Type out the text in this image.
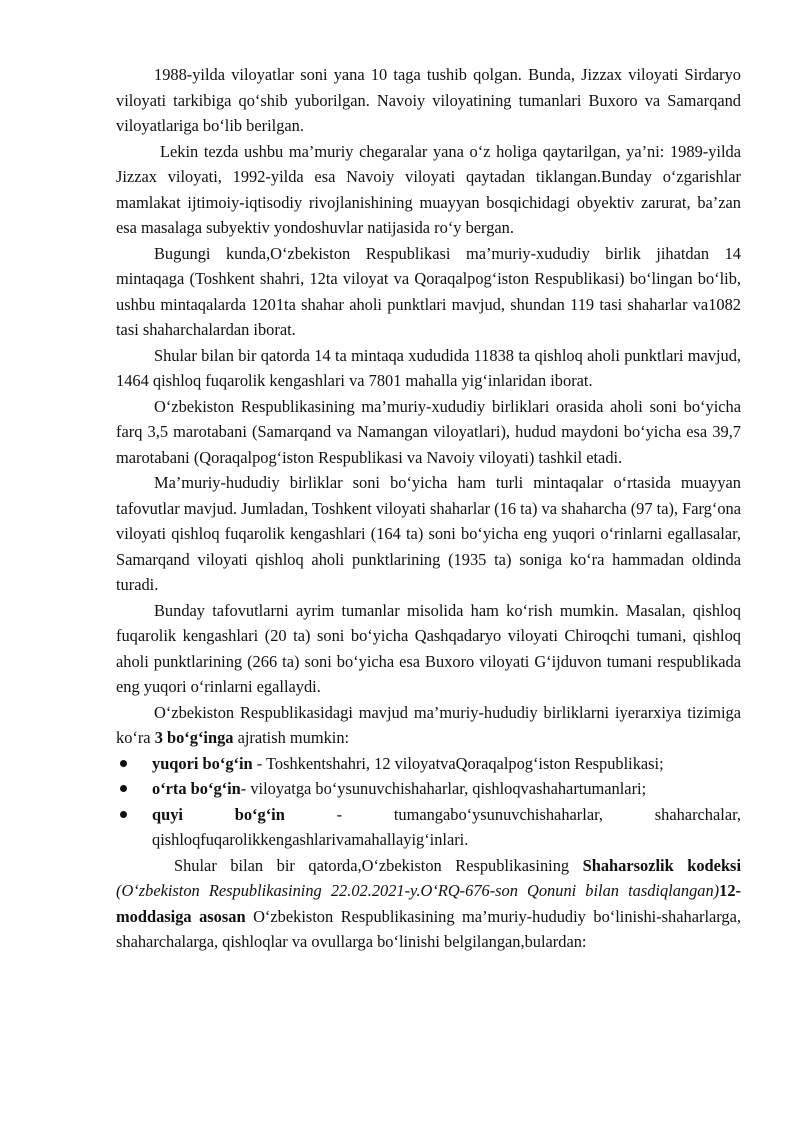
1988-yilda viloyatlar soni yana 10 taga tushib qolgan. Bunda, Jizzax viloyati Sirdaryo viloyati tarkibiga qo‘shib yuborilgan. Navoiy viloyatining tumanlari Buxoro va Samarqand viloyatlariga bo‘lib berilgan.

Lekin tezda ushbu ma’muriy chegaralar yana o‘z holiga qaytarilgan, ya’ni: 1989-yilda Jizzax viloyati, 1992-yilda esa Navoiy viloyati qaytadan tiklangan.Bunday o‘zgarishlar mamlakat ijtimoiy-iqtisodiy rivojlanishining muayyan bosqichidagi obyektiv zarurat, ba’zan esa masalaga subyektiv yondoshuvlar natijasida ro‘y bergan.

Bugungi kunda,O‘zbekiston Respublikasi ma’muriy-xududiy birlik jihatdan 14 mintaqaga (Toshkent shahri, 12ta viloyat va Qoraqalpog‘iston Respublikasi) bo‘lingan bo‘lib, ushbu mintaqalarda 1201ta shahar aholi punktlari mavjud, shundan 119 tasi shaharlar va1082 tasi shaharchalardan iborat.

Shular bilan bir qatorda 14 ta mintaqa xududida 11838 ta qishloq aholi punktlari mavjud, 1464 qishloq fuqarolik kengashlari va 7801 mahalla yig‘inlaridan iborat.

O‘zbekiston Respublikasining ma’muriy-xududiy birliklari orasida aholi soni bo‘yicha farq 3,5 marotabani (Samarqand va Namangan viloyatlari), hudud maydoni bo‘yicha esa 39,7 marotabani (Qoraqalpog‘iston Respublikasi va Navoiy viloyati) tashkil etadi.

Ma’muriy-hududiy birliklar soni bo‘yicha ham turli mintaqalar o‘rtasida muayyan tafovutlar mavjud. Jumladan, Toshkent viloyati shaharlar (16 ta) va shaharcha (97 ta), Farg‘ona viloyati qishloq fuqarolik kengashlari (164 ta) soni bo‘yicha eng yuqori o‘rinlarni egallasalar, Samarqand viloyati qishloq aholi punktlarining (1935 ta) soniga ko‘ra hammadan oldinda turadi.

Bunday tafovutlarni ayrim tumanlar misolida ham ko‘rish mumkin. Masalan, qishloq fuqarolik kengashlari (20 ta) soni bo‘yicha Qashqadaryo viloyati Chiroqchi tumani, qishloq aholi punktlarining (266 ta) soni bo‘yicha esa Buxoro viloyati G‘ijduvon tumani respublikada eng yuqori o‘rinlarni egallaydi.

O‘zbekiston Respublikasidagi mavjud ma’muriy-hududiy birliklarni iyerarxiya tizimiga ko‘ra 3 bo‘g‘inga ajratish mumkin:

yuqori bo‘g‘in - Toshkentshahri, 12 viloyatvaQoraqalpog‘iston Respublikasi;
o‘rta bo‘g‘in- viloyatga bo‘ysunuvchishaharlar, qishloqvashahartumanlari;
quyi bo‘g‘in - tumangabo‘ysunuvchishaharlar, shaharchalar, qishloqfuqarolikkengashlarivamahallayig‘inlari.

Shular bilan bir qatorda,O‘zbekiston Respublikasining Shaharsozlik kodeksi (O‘zbekiston Respublikasining 22.02.2021-y.O‘RQ-676-son Qonuni bilan tasdiqlangan)12-moddasiga asosan O‘zbekiston Respublikasining ma’muriy-hududiy bo‘linishi-shaharlarga, shaharchalarga, qishloqlar va ovullarga bo‘linishi belgilangan,bulardan:
